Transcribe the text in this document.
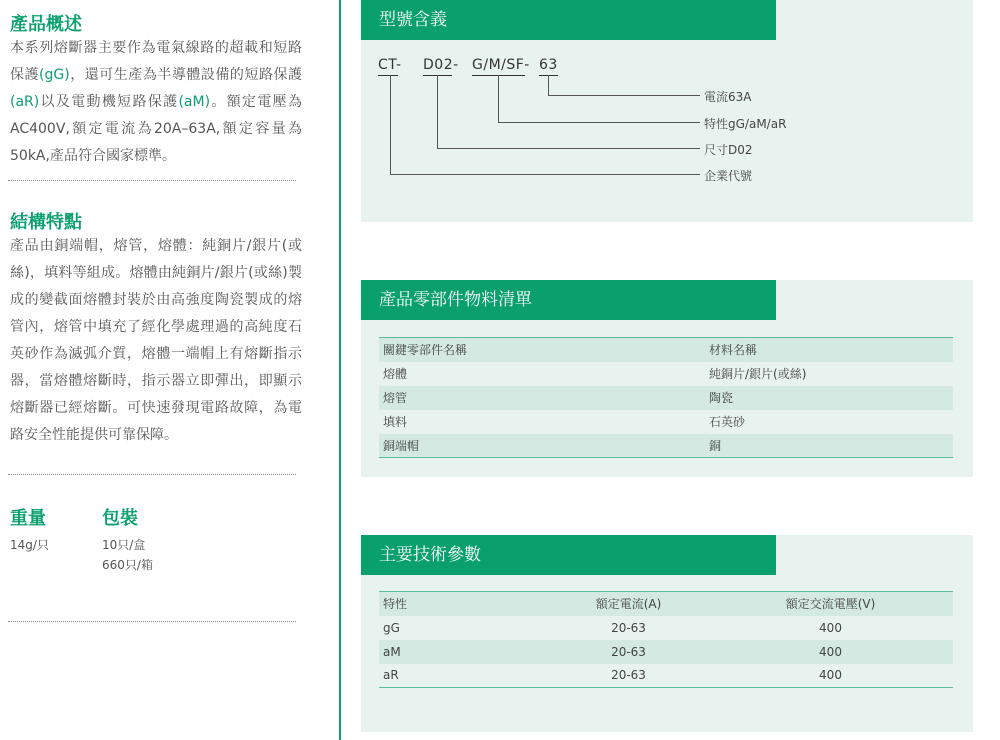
產品概述
本系列熔斷器主要作為電氣線路的超載和短路保護(gG)，還可生產為半導體設備的短路保護(aR)以及電動機短路保護(aM)。額定電壓為AC400V,額定電流為20A–63A,額定容量為50kA,產品符合國家標準。
結構特點
產品由銅端帽，熔管，熔體：純銅片/銀片(或絲)，填料等組成。熔體由純銅片/銀片(或絲)製成的變截面熔體封裝於由高強度陶瓷製成的熔管內，熔管中填充了經化學處理過的高純度石英砂作為滅弧介質，熔體一端帽上有熔斷指示器，當熔體熔斷時，指示器立即彈出，即顯示熔斷器已經熔斷。可快速發現電路故障，為電路安全性能提供可靠保障。
重量	包裝
14g/只	10只/盒
660只/箱
型號含義
CT- D02- G/M/SF- 63
電流63A
特性gG/aM/aR
尺寸D02
企業代號
產品零部件物料清單
關鍵零部件名稱	材料名稱
熔體	純銅片/銀片(或絲)
熔管	陶瓷
填料	石英砂
銅端帽	銅
主要技術參數
特性	額定電流(A)	額定交流電壓(V)
gG	20-63	400
aM	20-63	400
aR	20-63	400
